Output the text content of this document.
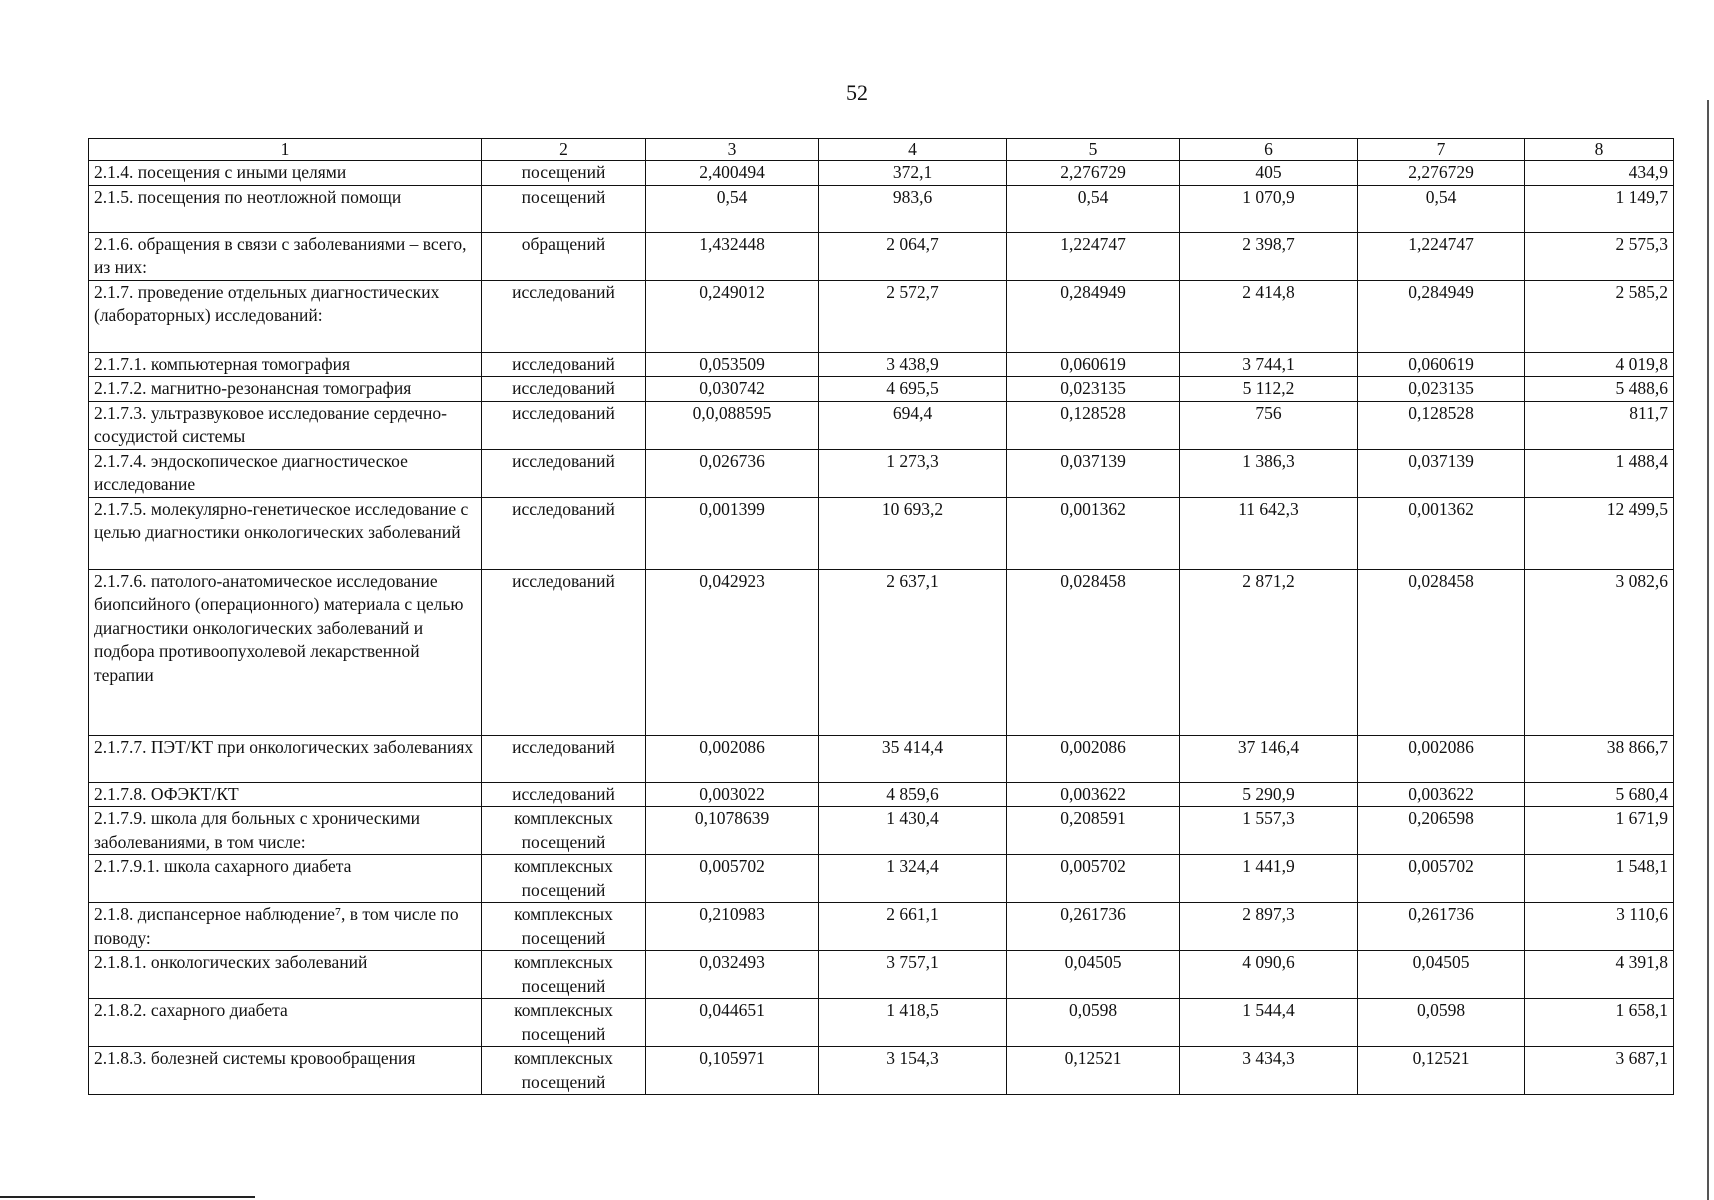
52
1	2	3	4	5	6	7	8
2.1.4. посещения с иными целями	посещений	2,400494	372,1	2,276729	405	2,276729	434,9
2.1.5. посещения по неотложной помощи	посещений	0,54	983,6	0,54	1 070,9	0,54	1 149,7
2.1.6. обращения в связи с заболеваниями – всего, из них:	обращений	1,432448	2 064,7	1,224747	2 398,7	1,224747	2 575,3
2.1.7. проведение отдельных диагностических (лабораторных) исследований:	исследований	0,249012	2 572,7	0,284949	2 414,8	0,284949	2 585,2
2.1.7.1. компьютерная томография	исследований	0,053509	3 438,9	0,060619	3 744,1	0,060619	4 019,8
2.1.7.2. магнитно-резонансная томография	исследований	0,030742	4 695,5	0,023135	5 112,2	0,023135	5 488,6
2.1.7.3. ультразвуковое исследование сердечно-сосудистой системы	исследований	0,0,088595	694,4	0,128528	756	0,128528	811,7
2.1.7.4. эндоскопическое диагностическое исследование	исследований	0,026736	1 273,3	0,037139	1 386,3	0,037139	1 488,4
2.1.7.5. молекулярно-генетическое исследование с целью диагностики онкологических заболеваний	исследований	0,001399	10 693,2	0,001362	11 642,3	0,001362	12 499,5
2.1.7.6. патолого-анатомическое исследование биопсийного (операционного) материала с целью диагностики онкологических заболеваний и подбора противоопухолевой лекарственной терапии	исследований	0,042923	2 637,1	0,028458	2 871,2	0,028458	3 082,6
2.1.7.7. ПЭТ/КТ при онкологических заболеваниях	исследований	0,002086	35 414,4	0,002086	37 146,4	0,002086	38 866,7
2.1.7.8. ОФЭКТ/КТ	исследований	0,003022	4 859,6	0,003622	5 290,9	0,003622	5 680,4
2.1.7.9. школа для больных с хроническими заболеваниями, в том числе:	комплексных посещений	0,1078639	1 430,4	0,208591	1 557,3	0,206598	1 671,9
2.1.7.9.1. школа сахарного диабета	комплексных посещений	0,005702	1 324,4	0,005702	1 441,9	0,005702	1 548,1
2.1.8. диспансерное наблюдение⁷, в том числе по поводу:	комплексных посещений	0,210983	2 661,1	0,261736	2 897,3	0,261736	3 110,6
2.1.8.1. онкологических заболеваний	комплексных посещений	0,032493	3 757,1	0,04505	4 090,6	0,04505	4 391,8
2.1.8.2. сахарного диабета	комплексных посещений	0,044651	1 418,5	0,0598	1 544,4	0,0598	1 658,1
2.1.8.3. болезней системы кровообращения	комплексных посещений	0,105971	3 154,3	0,12521	3 434,3	0,12521	3 687,1
